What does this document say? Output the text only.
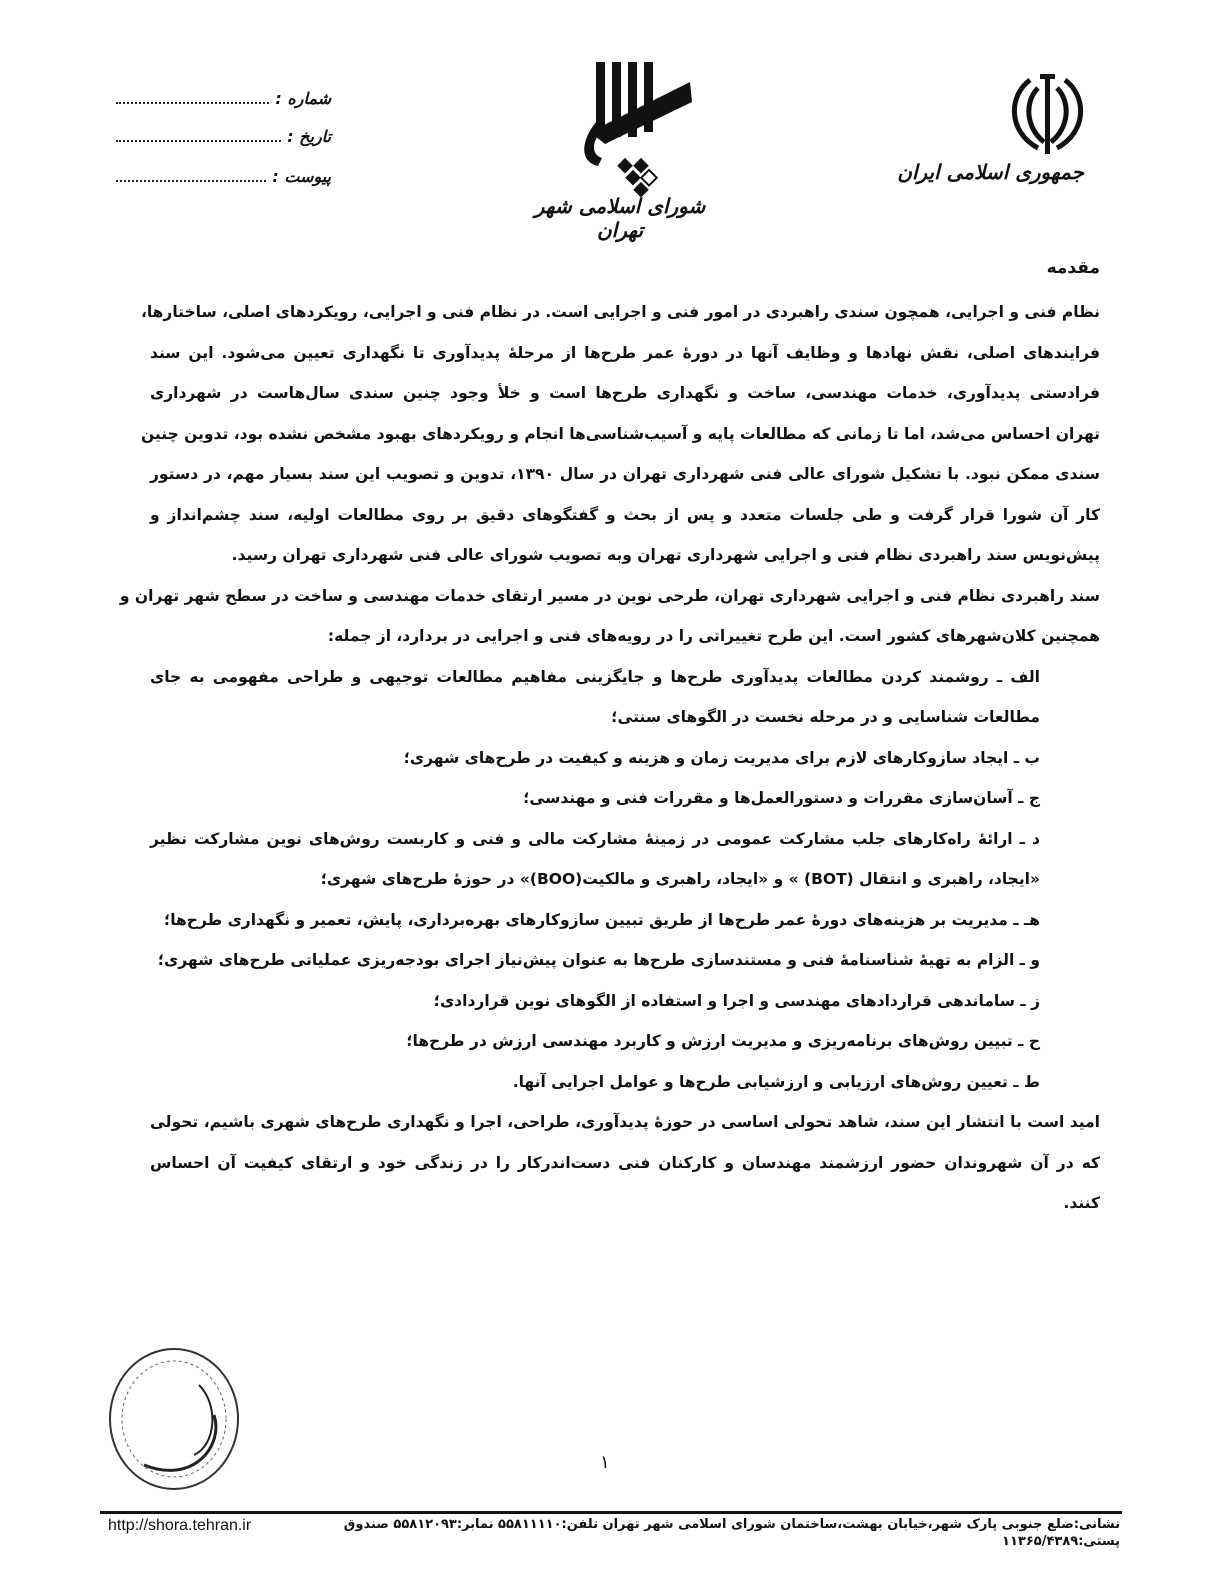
جمهوری اسلامی ایران
شورای اسلامی شهر تهران
شماره :
تاریخ :
پیوست :
مقدمه
نظام فنی و اجرایی، همچون سندی راهبردی در امور فنی و اجرایی است. در نظام فنی و اجرایی، رویکردهای اصلی، ساختارها،
فرایندهای اصلی، نقش نهادها و وظایف آنها در دورهٔ عمر طرح‌ها از مرحلهٔ پدیدآوری تا نگهداری تعیین می‌شود. این سند
فرادستی پدیدآوری، خدمات مهندسی، ساخت و نگهداری طرح‌ها است و خلأ وجود چنین سندی سال‌هاست در شهرداری
تهران احساس می‌شد، اما تا زمانی که مطالعات پایه و آسیب‌شناسی‌ها انجام و رویکردهای بهبود مشخص نشده بود، تدوین چنین
سندی ممکن نبود. با تشکیل شورای عالی فنی شهرداری تهران در سال ۱۳۹۰، تدوین و تصویب این سند بسیار مهم، در دستور
کار آن شورا قرار گرفت و طی جلسات متعدد و پس از بحث و گفتگوهای دقیق بر روی مطالعات اولیه، سند چشم‌انداز و
پیش‌نویس سند راهبردی نظام فنی و اجرایی شهرداری تهران وبه تصویب شورای عالی فنی شهرداری تهران رسید.
سند راهبردی نظام فنی و اجرایی شهرداری تهران، طرحی نوین در مسیر ارتقای خدمات مهندسی و ساخت در سطح شهر تهران و
همچنین کلان‌شهرهای کشور است. این طرح تغییراتی را در رویه‌های فنی و اجرایی در بردارد، از جمله:
الف ـ روشمند کردن مطالعات پدیدآوری طرح‌ها و جایگزینی مفاهیم مطالعات توجیهی و طراحی مفهومی به جای
مطالعات شناسایی و در مرحله نخست در الگوهای سنتی؛
ب ـ ایجاد سازوکارهای لازم برای مدیریت زمان و هزینه و کیفیت در طرح‌های شهری؛
ج ـ آسان‌سازی مقررات و دستورالعمل‌ها و مقررات فنی و مهندسی؛
د ـ ارائهٔ راه‌کارهای جلب مشارکت عمومی در زمینهٔ مشارکت مالی و فنی و کاربست روش‌های نوین مشارکت نظیر
«ایجاد، راهبری و انتقال (BOT) » و «ایجاد، راهبری و مالکیت(BOO)» در حوزهٔ طرح‌های شهری؛
هـ ـ مدیریت بر هزینه‌های دورهٔ عمر طرح‌ها از طریق تبیین سازوکارهای بهره‌برداری، پایش، تعمیر و نگهداری طرح‌ها؛
و ـ الزام به تهیهٔ شناسنامهٔ فنی و مستندسازی طرح‌ها به عنوان پیش‌نیاز اجرای بودجه‌ریزی عملیاتی طرح‌های شهری؛
ز ـ ساماندهی قراردادهای مهندسی و اجرا و استفاده از الگوهای نوین قراردادی؛
ح ـ تبیین روش‌های برنامه‌ریزی و مدیریت ارزش و کاربرد مهندسی ارزش در طرح‌ها؛
ط ـ تعیین روش‌های ارزیابی و ارزشیابی طرح‌ها و عوامل اجرایی آنها.
امید است با انتشار این سند، شاهد تحولی اساسی در حوزهٔ پدیدآوری، طراحی، اجرا و نگهداری طرح‌های شهری باشیم، تحولی
که در آن شهروندان حضور ارزشمند مهندسان و کارکنان فنی دست‌اندرکار را در زندگی خود و ارتقای کیفیت آن احساس
کنند.
١
نشانی:ضلع جنوبی پارک شهر،خیابان بهشت،ساختمان شورای اسلامی شهر تهران تلفن:۵۵۸۱۱۱۱۰ نمابر:۵۵۸۱۲۰۹۳ صندوق پستی:۱۱۳۶۵/۴۳۸۹
http://shora.tehran.ir
